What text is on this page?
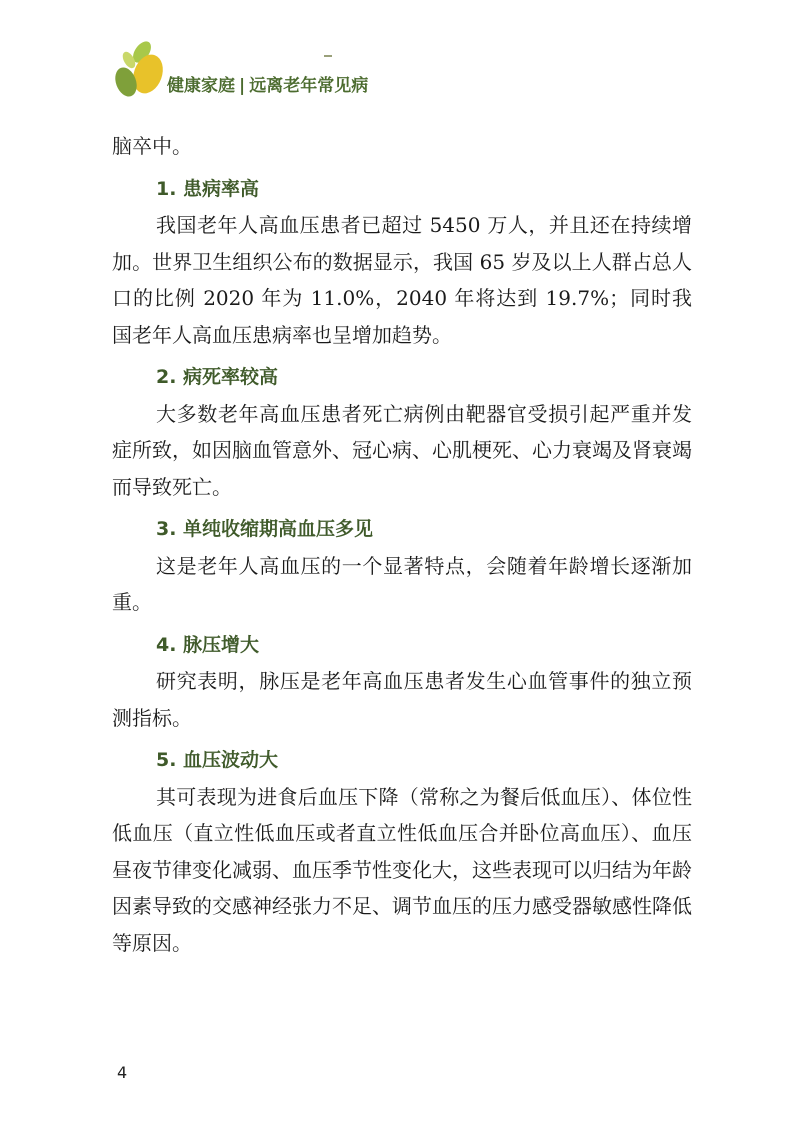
健康家庭 | 远离老年常见病

脑卒中。

1. 患病率高

我国老年人高血压患者已超过 5450 万人，并且还在持续增加。世界卫生组织公布的数据显示，我国 65 岁及以上人群占总人口的比例 2020 年为 11.0%，2040 年将达到 19.7%；同时我国老年人高血压患病率也呈增加趋势。

2. 病死率较高

大多数老年高血压患者死亡病例由靶器官受损引起严重并发症所致，如因脑血管意外、冠心病、心肌梗死、心力衰竭及肾衰竭而导致死亡。

3. 单纯收缩期高血压多见

这是老年人高血压的一个显著特点，会随着年龄增长逐渐加重。

4. 脉压增大

研究表明，脉压是老年高血压患者发生心血管事件的独立预测指标。

5. 血压波动大

其可表现为进食后血压下降（常称之为餐后低血压）、体位性低血压（直立性低血压或者直立性低血压合并卧位高血压）、血压昼夜节律变化减弱、血压季节性变化大，这些表现可以归结为年龄因素导致的交感神经张力不足、调节血压的压力感受器敏感性降低等原因。

4
